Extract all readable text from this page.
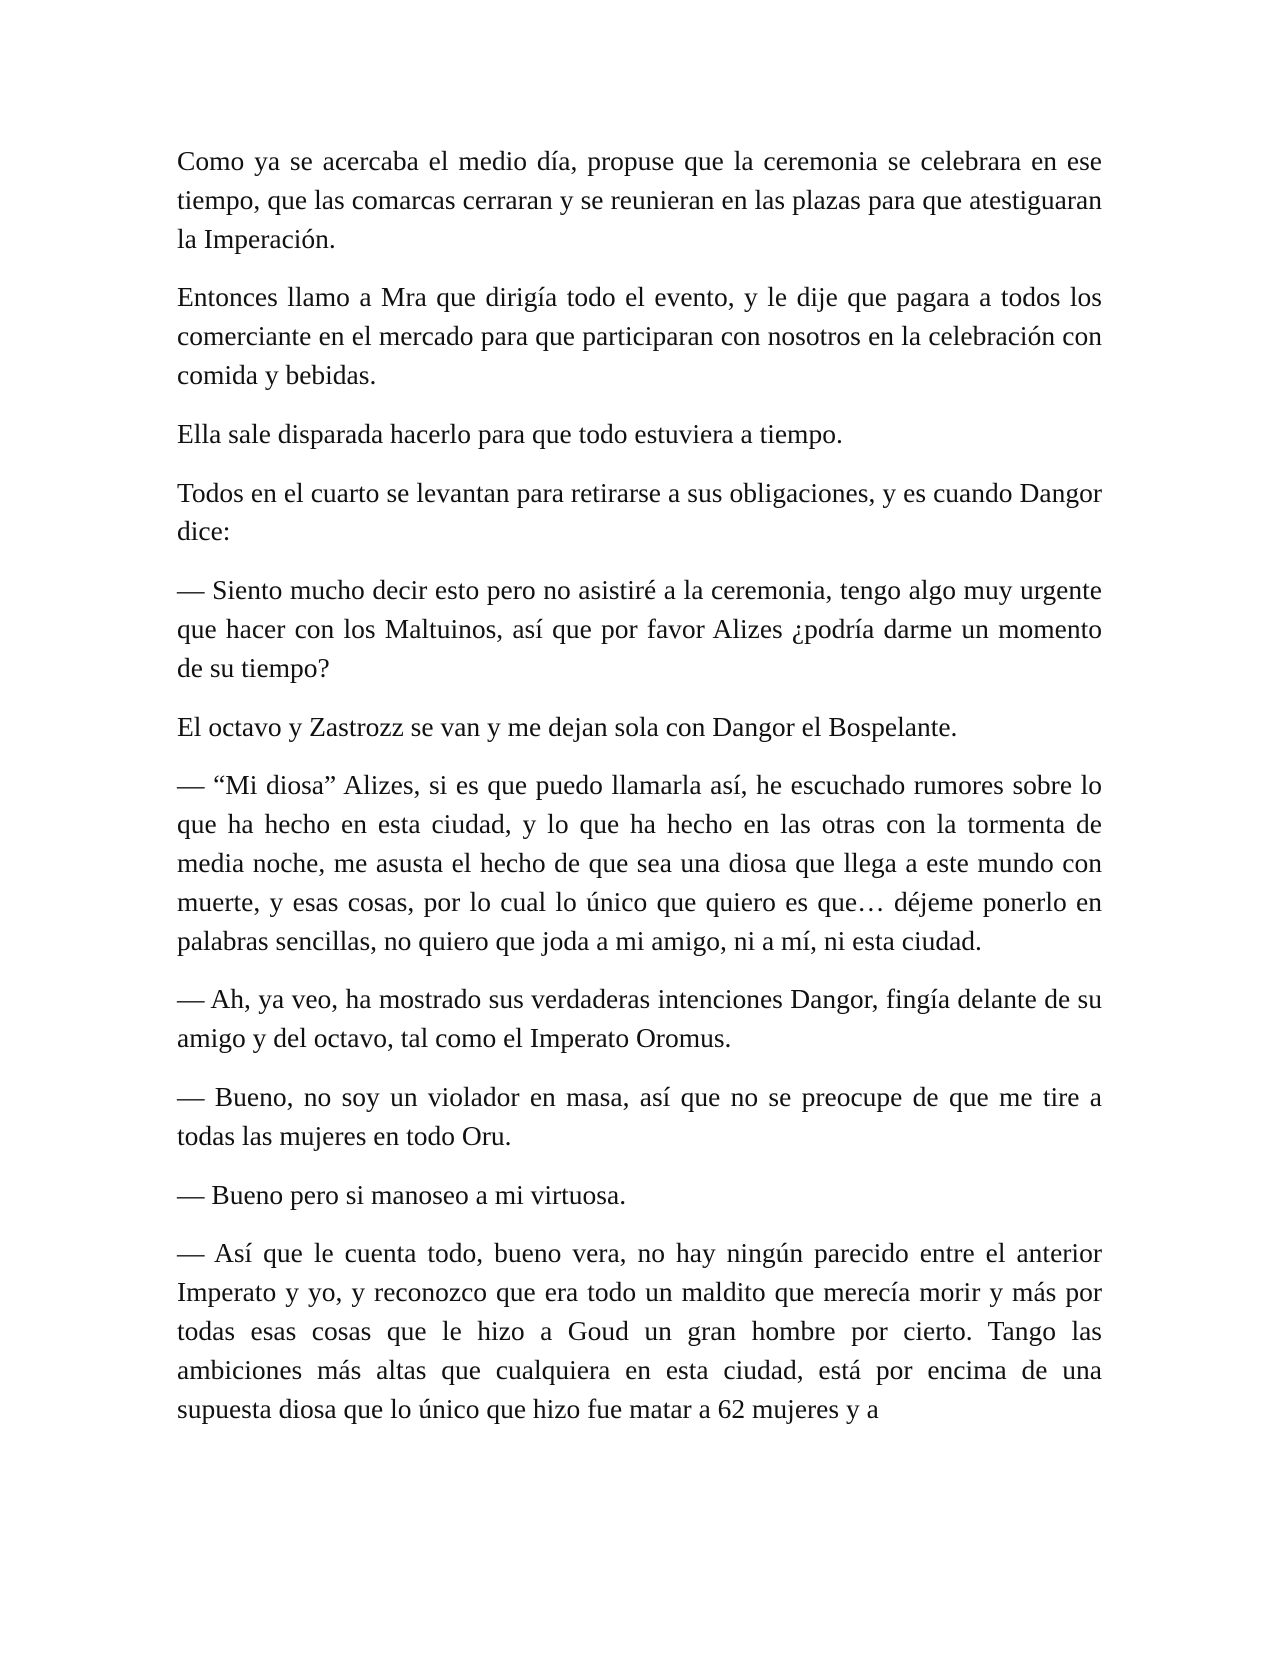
Como ya se acercaba el medio día, propuse que la ceremonia se celebrara en ese tiempo, que las comarcas cerraran y se reunieran en las plazas para que atestiguaran la Imperación.

Entonces llamo a Mra que dirigía todo el evento, y le dije que pagara a todos los comerciante en el mercado para que participaran con nosotros en la celebración con comida y bebidas.

Ella sale disparada hacerlo para que todo estuviera a tiempo.

Todos en el cuarto se levantan para retirarse a sus obligaciones, y es cuando Dangor dice:

— Siento mucho decir esto pero no asistiré a la ceremonia, tengo algo muy urgente que hacer con los Maltuinos, así que por favor Alizes ¿podría darme un momento de su tiempo?

El octavo y Zastrozz se van y me dejan sola con Dangor el Bospelante.

— “Mi diosa” Alizes, si es que puedo llamarla así, he escuchado rumores sobre lo que ha hecho en esta ciudad, y lo que ha hecho en las otras con la tormenta de media noche, me asusta el hecho de que sea una diosa que llega a este mundo con muerte, y esas cosas, por lo cual lo único que quiero es que… déjeme ponerlo en palabras sencillas, no quiero que joda a mi amigo, ni a mí, ni esta ciudad.

— Ah, ya veo, ha mostrado sus verdaderas intenciones Dangor, fingía delante de su amigo y del octavo, tal como el Imperato Oromus.

— Bueno, no soy un violador en masa, así que no se preocupe de que me tire a todas las mujeres en todo Oru.

— Bueno pero si manoseo a mi virtuosa.

— Así que le cuenta todo, bueno vera, no hay ningún parecido entre el anterior Imperato y yo, y reconozco que era todo un maldito que merecía morir y más por todas esas cosas que le hizo a Goud un gran hombre por cierto. Tango las ambiciones más altas que cualquiera en esta ciudad, está por encima de una supuesta diosa que lo único que hizo fue matar a 62 mujeres y a
